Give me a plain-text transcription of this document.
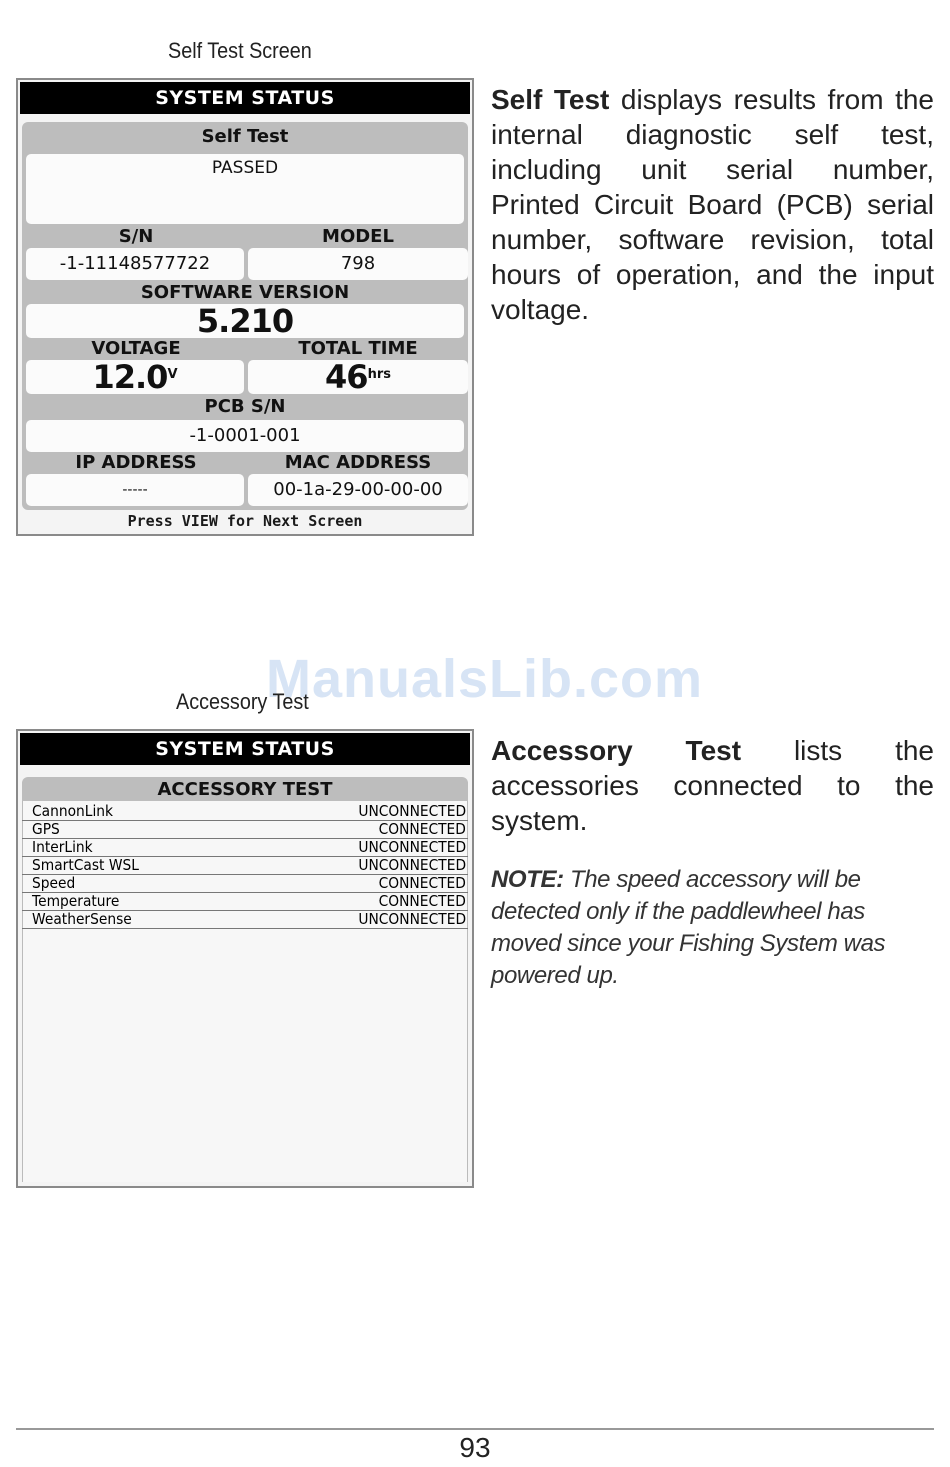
Self Test Screen
SYSTEM STATUS
Self Test
PASSED
S/N	MODEL
-1-11148577722	798
SOFTWARE VERSION
5.210
VOLTAGE	TOTAL TIME
$12.0^V$	$46^{hrs}$
PCB S/N
-1-0001-001
IP ADDRESS	MAC ADDRESS
-----	00-1a-29-00-00-00
Press VIEW for Next Screen
Self Test displays results from the internal diagnostic self test, including unit serial number, Printed Circuit Board (PCB) serial number, software revision, total hours of operation, and the input voltage.
ManualsLib.com
Accessory Test
SYSTEM STATUS
ACCESSORY TEST
CannonLink	UNCONNECTED
GPS	CONNECTED
InterLink	UNCONNECTED
SmartCast WSL	UNCONNECTED
Speed	CONNECTED
Temperature	CONNECTED
WeatherSense	UNCONNECTED
Accessory Test lists the accessories connected to the system.
NOTE: The speed accessory will be detected only if the paddlewheel has moved since your Fishing System was powered up.
93
